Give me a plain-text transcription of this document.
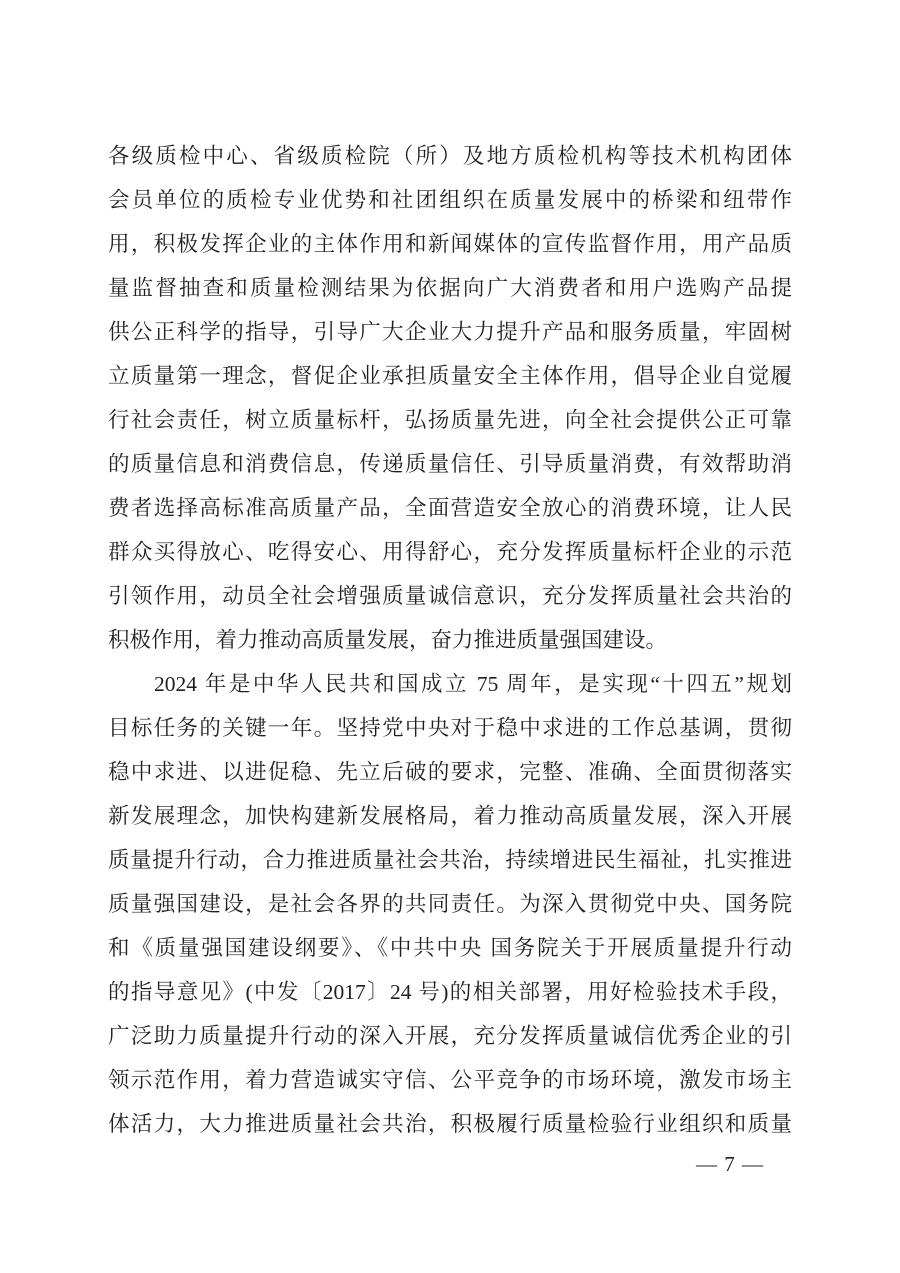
各级质检中心、省级质检院（所）及地方质检机构等技术机构团体
会员单位的质检专业优势和社团组织在质量发展中的桥梁和纽带作
用，积极发挥企业的主体作用和新闻媒体的宣传监督作用，用产品质
量监督抽查和质量检测结果为依据向广大消费者和用户选购产品提
供公正科学的指导，引导广大企业大力提升产品和服务质量，牢固树
立质量第一理念，督促企业承担质量安全主体作用，倡导企业自觉履
行社会责任，树立质量标杆，弘扬质量先进，向全社会提供公正可靠
的质量信息和消费信息，传递质量信任、引导质量消费，有效帮助消
费者选择高标准高质量产品，全面营造安全放心的消费环境，让人民
群众买得放心、吃得安心、用得舒心，充分发挥质量标杆企业的示范
引领作用，动员全社会增强质量诚信意识，充分发挥质量社会共治的
积极作用，着力推动高质量发展，奋力推进质量强国建设。
2024 年是中华人民共和国成立 75 周年，是实现“十四五”规划
目标任务的关键一年。坚持党中央对于稳中求进的工作总基调，贯彻
稳中求进、以进促稳、先立后破的要求，完整、准确、全面贯彻落实
新发展理念，加快构建新发展格局，着力推动高质量发展，深入开展
质量提升行动，合力推进质量社会共治，持续增进民生福祉，扎实推进
质量强国建设，是社会各界的共同责任。为深入贯彻党中央、国务院
和《质量强国建设纲要》、《中共中央 国务院关于开展质量提升行动
的指导意见》(中发〔2017〕24 号)的相关部署，用好检验技术手段，
广泛助力质量提升行动的深入开展，充分发挥质量诚信优秀企业的引
领示范作用，着力营造诚实守信、公平竞争的市场环境，激发市场主
体活力，大力推进质量社会共治，积极履行质量检验行业组织和质量
— 7 —
